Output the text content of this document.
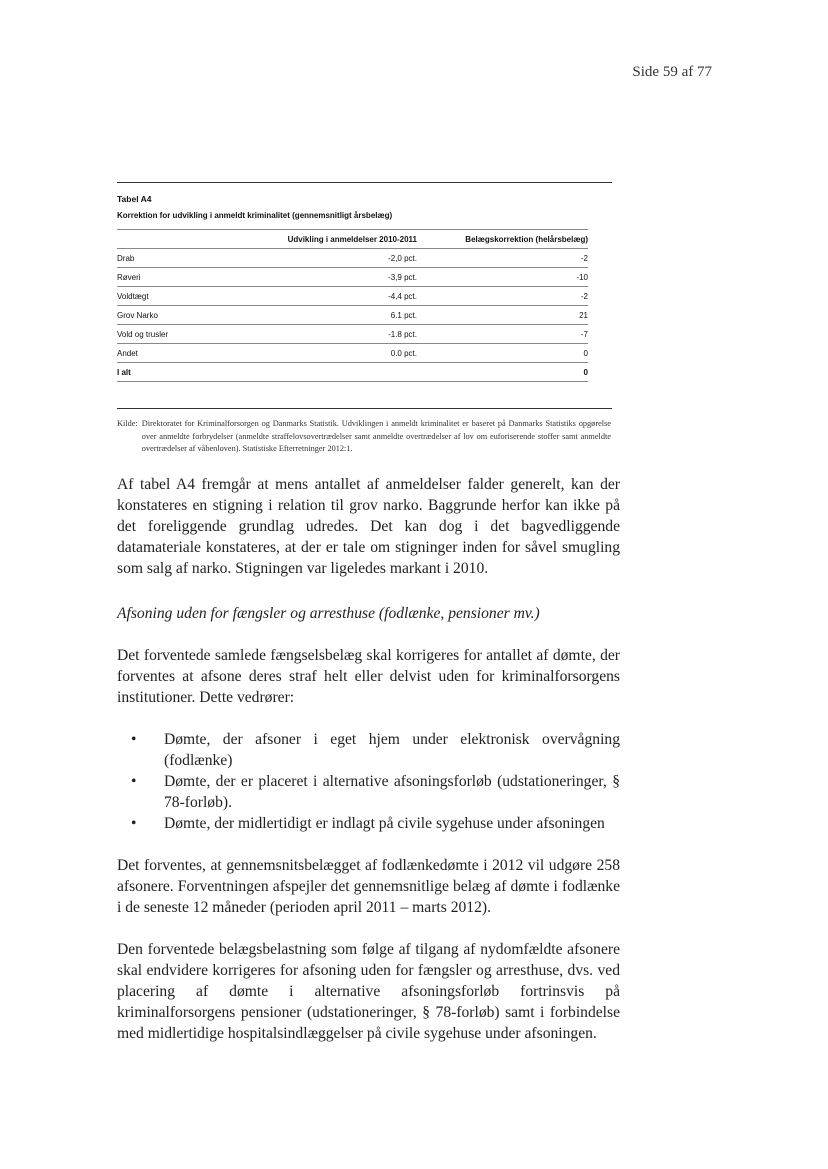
Side 59 af 77
Tabel A4
Korrektion for udvikling i anmeldt kriminalitet (gennemsnitligt årsbelæg)
	Udvikling i anmeldelser 2010-2011	Belægskorrektion (helårsbelæg)
Drab	-2,0 pct.	-2
Røveri	-3,9 pct.	-10
Voldtægt	-4,4 pct.	-2
Grov Narko	6.1 pct.	21
Vold og trusler	-1.8 pct.	-7
Andet	0.0 pct.	0
I alt		0
Kilde: Direktoratet for Kriminalforsorgen og Danmarks Statistik. Udviklingen i anmeldt kriminalitet er baseret på Danmarks Statistiks opgørelse over anmeldte forbrydelser (anmeldte straffelovsovertrædelser samt anmeldte overtrædelser af lov om euforiserende stoffer samt anmeldte overtrædelser af våbenloven). Statistiske Efterretninger 2012:1.
Af tabel A4 fremgår at mens antallet af anmeldelser falder generelt, kan der konstateres en stigning i relation til grov narko. Baggrunde herfor kan ikke på det foreliggende grundlag udredes. Det kan dog i det bagvedliggende datamateriale konstateres, at der er tale om stigninger inden for såvel smugling som salg af narko. Stigningen var ligeledes markant i 2010.
Afsoning uden for fængsler og arresthuse (fodlænke, pensioner mv.)
Det forventede samlede fængselsbelæg skal korrigeres for antallet af dømte, der forventes at afsone deres straf helt eller delvist uden for kriminalforsorgens institutioner. Dette vedrører:
• Dømte, der afsoner i eget hjem under elektronisk overvågning (fodlænke)
• Dømte, der er placeret i alternative afsoningsforløb (udstationeringer, § 78-forløb).
• Dømte, der midlertidigt er indlagt på civile sygehuse under afsoningen
Det forventes, at gennemsnitsbelægget af fodlænkedømte i 2012 vil udgøre 258 afsonere. Forventningen afspejler det gennemsnitlige belæg af dømte i fodlænke i de seneste 12 måneder (perioden april 2011 – marts 2012).
Den forventede belægsbelastning som følge af tilgang af nydomfældte afsonere skal endvidere korrigeres for afsoning uden for fængsler og arresthuse, dvs. ved placering af dømte i alternative afsoningsforløb fortrinsvis på kriminalforsorgens pensioner (udstationeringer, § 78-forløb) samt i forbindelse med midlertidige hospitalsindlæggelser på civile sygehuse under afsoningen.
